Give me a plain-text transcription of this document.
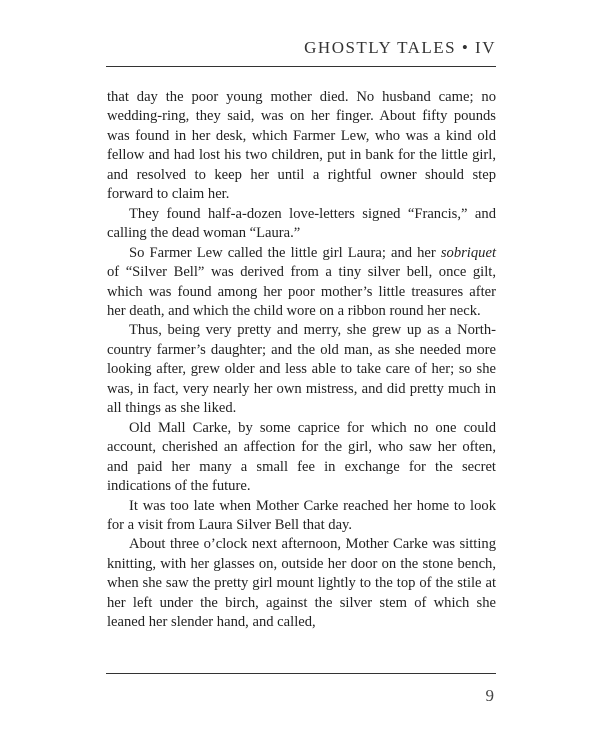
GHOSTLY TALES • IV

that day the poor young mother died. No husband came; no wedding-ring, they said, was on her finger. About fifty pounds was found in her desk, which Farmer Lew, who was a kind old fellow and had lost his two children, put in bank for the little girl, and resolved to keep her until a rightful owner should step forward to claim her.

They found half-a-dozen love-letters signed “Francis,” and calling the dead woman “Laura.”

So Farmer Lew called the little girl Laura; and her sobriquet of “Silver Bell” was derived from a tiny silver bell, once gilt, which was found among her poor mother’s little treasures after her death, and which the child wore on a ribbon round her neck.

Thus, being very pretty and merry, she grew up as a North-country farmer’s daughter; and the old man, as she needed more looking after, grew older and less able to take care of her; so she was, in fact, very nearly her own mistress, and did pretty much in all things as she liked.

Old Mall Carke, by some caprice for which no one could account, cherished an affection for the girl, who saw her often, and paid her many a small fee in exchange for the secret indications of the future.

It was too late when Mother Carke reached her home to look for a visit from Laura Silver Bell that day.

About three o’clock next afternoon, Mother Carke was sitting knitting, with her glasses on, outside her door on the stone bench, when she saw the pretty girl mount lightly to the top of the stile at her left under the birch, against the silver stem of which she leaned her slender hand, and called,

9
